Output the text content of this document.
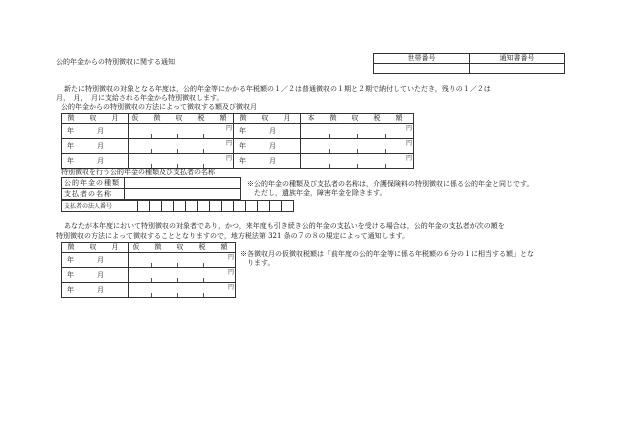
公的年金からの特別徴収に関する通知	世帯番号	通知書番号

新たに特別徴収の対象となる年度は，公的年金等にかかる年税額の１／２は普通徴収の１期と２期で納付していただき，残りの１／２は
月，　月，　月に支給される年金から特別徴収します。
公的年金からの特別徴収の方法によって徴収する額及び徴収月
徴　収　月	仮　徴　収　税　額	徴　収　月	本　徴　収　税　額
年　月	円	年　月	円

年　月	円	年　月	円

年　月	円	年　月	円
特別徴収を行う公的年金の種類及び支払者の名称
公的年金の種類	
支払者の名称	
支払者の法人番号													
※公的年金の種類及び支払者の名称は，介護保険料の特別徴収に係る公的年金と同じです。
　ただし，遺族年金，障害年金を除きます。
あなたが本年度において特別徴収の対象者であり，かつ，来年度も引き続き公的年金の支払いを受ける場合は，公的年金の支払者が次の額を
特別徴収の方法によって徴収することとなりますので，地方税法第 321 条の７の８の規定によって通知します。
徴　収　月	仮　徴　収　税　額
年　月	円

年　月	円

年　月	円
※各徴収月の仮徴収税額は「前年度の公的年金等に係る年税額の６分の１に相当する額」とな
　ります。
